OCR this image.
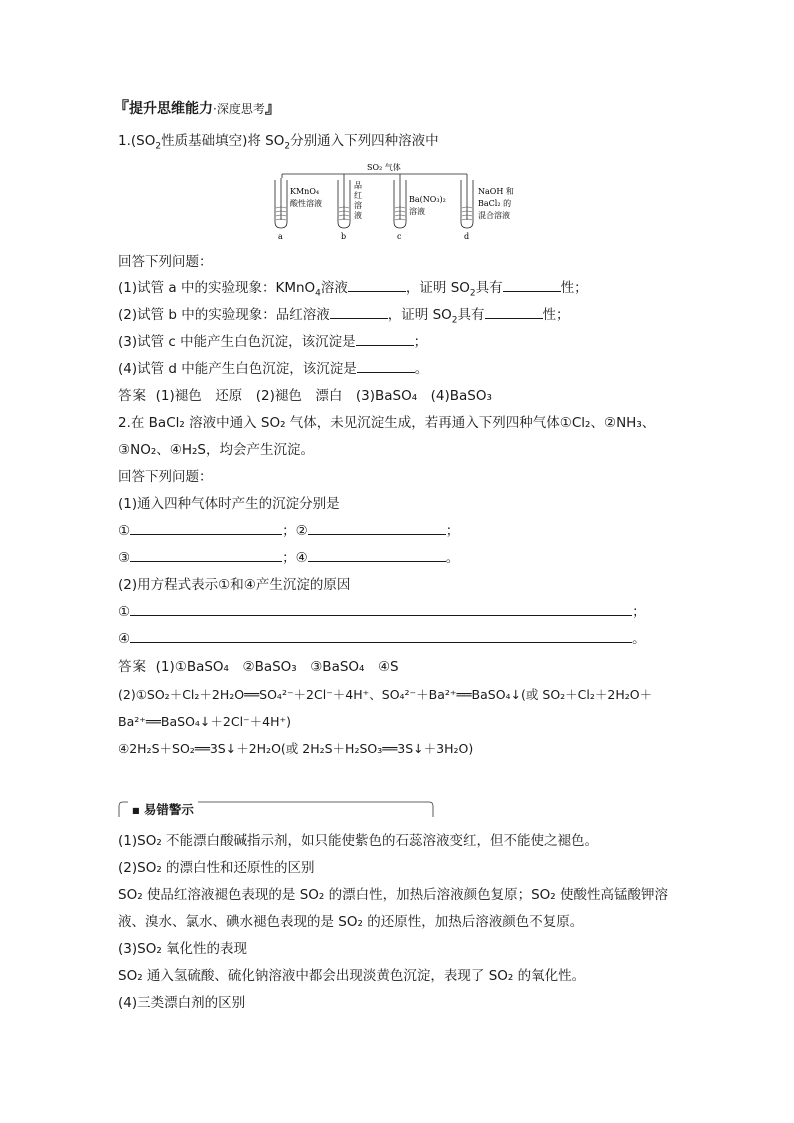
『提升思维能力·深度思考』
$1.(SO_2$性质基础填空)将 $SO_2$分别通入下列四种溶液中
SO₂ 气体
KMnO₄
酸性溶液
a
品
红
溶
液
b
Ba(NO₃)₂
溶液
c
NaOH 和
BaCl₂ 的
混合溶液
d
回答下列问题：
(1)试管 a 中的实验现象：KMnO$_4$溶液	，证明 $SO_2$具有	性；
(2)试管 b 中的实验现象：品红溶液	，证明 $SO_2$具有	性；
(3)试管 c 中能产生白色沉淀，该沉淀是	；
(4)试管 d 中能产生白色沉淀，该沉淀是	。
答案 (1)褪色　还原　(2)褪色　漂白　(3)BaSO₄　(4)BaSO₃
2.在 BaCl₂ 溶液中通入 SO₂ 气体，未见沉淀生成，若再通入下列四种气体①Cl₂、②NH₃、
③NO₂、④H₂S，均会产生沉淀。
回答下列问题：
(1)通入四种气体时产生的沉淀分别是
①	；②	；
③	；④	。
(2)用方程式表示①和④产生沉淀的原因
①	；
④	。
答案 (1)①BaSO₄　②BaSO₃　③BaSO₄　④S
(2)①SO₂＋Cl₂＋2H₂O══SO₄²⁻＋2Cl⁻＋4H⁺、SO₄²⁻＋Ba²⁺══BaSO₄↓(或 SO₂＋Cl₂＋2H₂O＋
Ba²⁺══BaSO₄↓＋2Cl⁻＋4H⁺)
④2H₂S＋SO₂══3S↓＋2H₂O(或 2H₂S＋H₂SO₃══3S↓＋3H₂O)
■ 易错警示
(1)SO₂ 不能漂白酸碱指示剂，如只能使紫色的石蕊溶液变红，但不能使之褪色。
(2)SO₂ 的漂白性和还原性的区别
SO₂ 使品红溶液褪色表现的是 SO₂ 的漂白性，加热后溶液颜色复原；SO₂ 使酸性高锰酸钾溶
液、溴水、氯水、碘水褪色表现的是 SO₂ 的还原性，加热后溶液颜色不复原。
(3)SO₂ 氧化性的表现
SO₂ 通入氢硫酸、硫化钠溶液中都会出现淡黄色沉淀，表现了 SO₂ 的氧化性。
(4)三类漂白剂的区别
